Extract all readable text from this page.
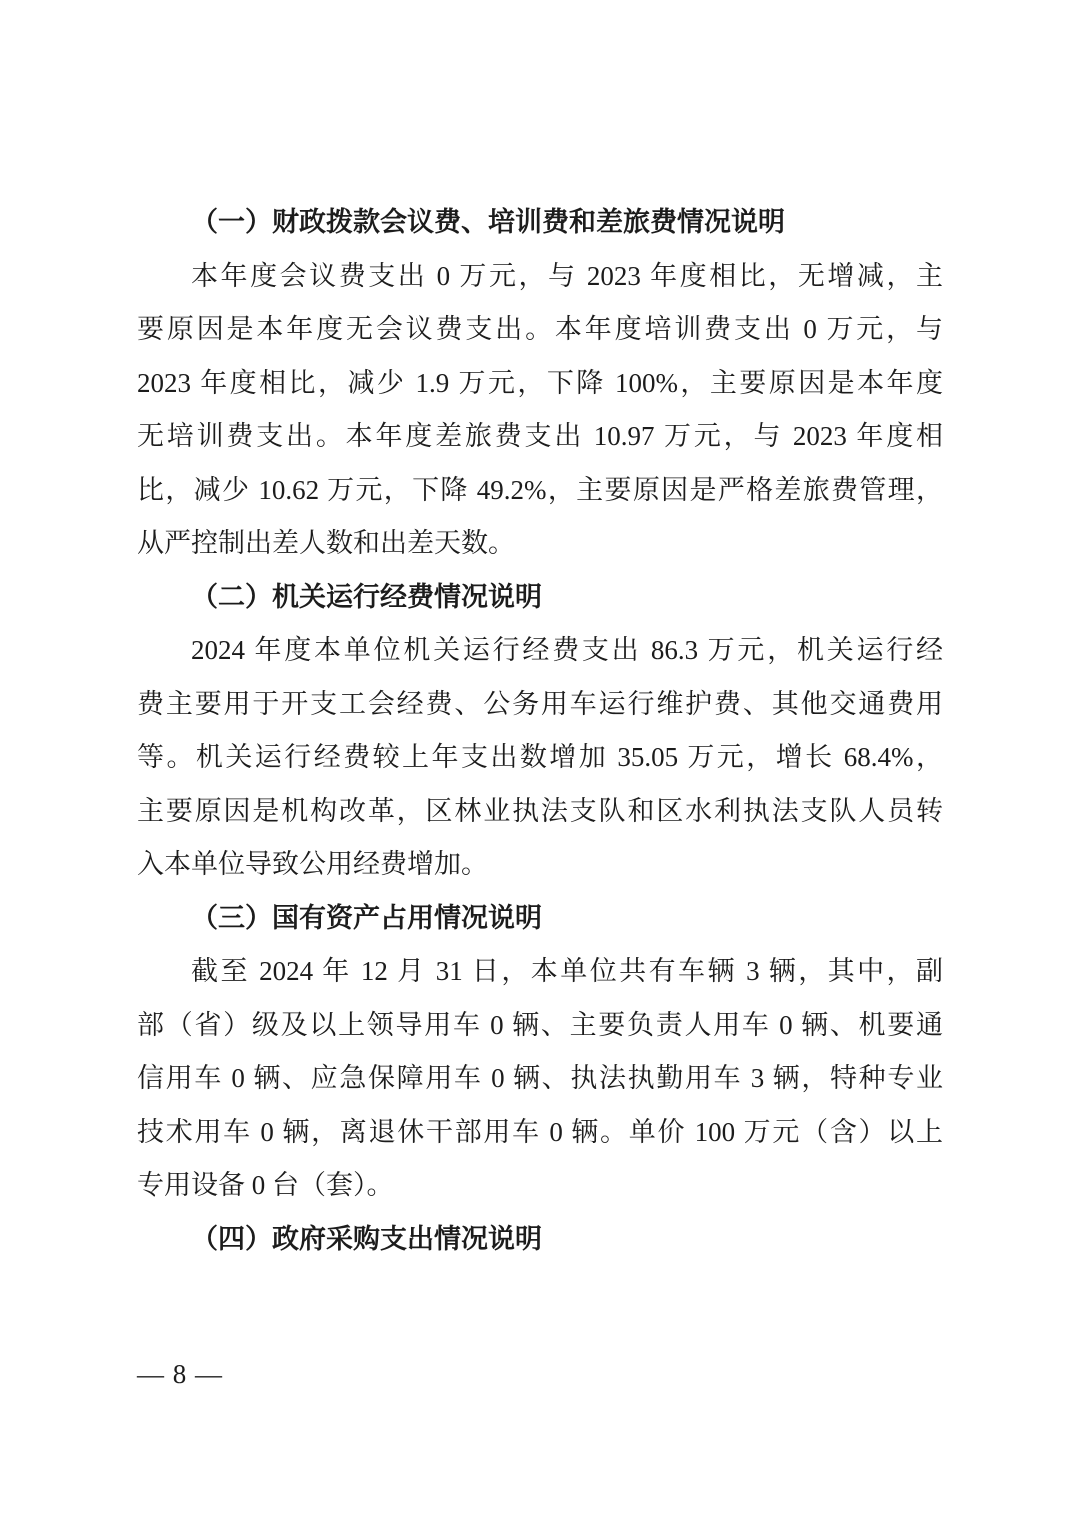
（一）财政拨款会议费、培训费和差旅费情况说明
本年度会议费支出 0 万元，与 2023 年度相比，无增减，主
要原因是本年度无会议费支出。本年度培训费支出 0 万元，与
2023 年度相比，减少 1.9 万元，下降 100%，主要原因是本年度
无培训费支出。本年度差旅费支出 10.97 万元，与 2023 年度相
比，减少 10.62 万元，下降 49.2%，主要原因是严格差旅费管理，
从严控制出差人数和出差天数。
（二）机关运行经费情况说明
2024 年度本单位机关运行经费支出 86.3 万元，机关运行经
费主要用于开支工会经费、公务用车运行维护费、其他交通费用
等。机关运行经费较上年支出数增加 35.05 万元，增长 68.4%，
主要原因是机构改革，区林业执法支队和区水利执法支队人员转
入本单位导致公用经费增加。
（三）国有资产占用情况说明
截至 2024 年 12 月 31 日，本单位共有车辆 3 辆，其中，副
部（省）级及以上领导用车 0 辆、主要负责人用车 0 辆、机要通
信用车 0 辆、应急保障用车 0 辆、执法执勤用车 3 辆，特种专业
技术用车 0 辆，离退休干部用车 0 辆。单价 100 万元（含）以上
专用设备 0 台（套）。
（四）政府采购支出情况说明
— 8 —
